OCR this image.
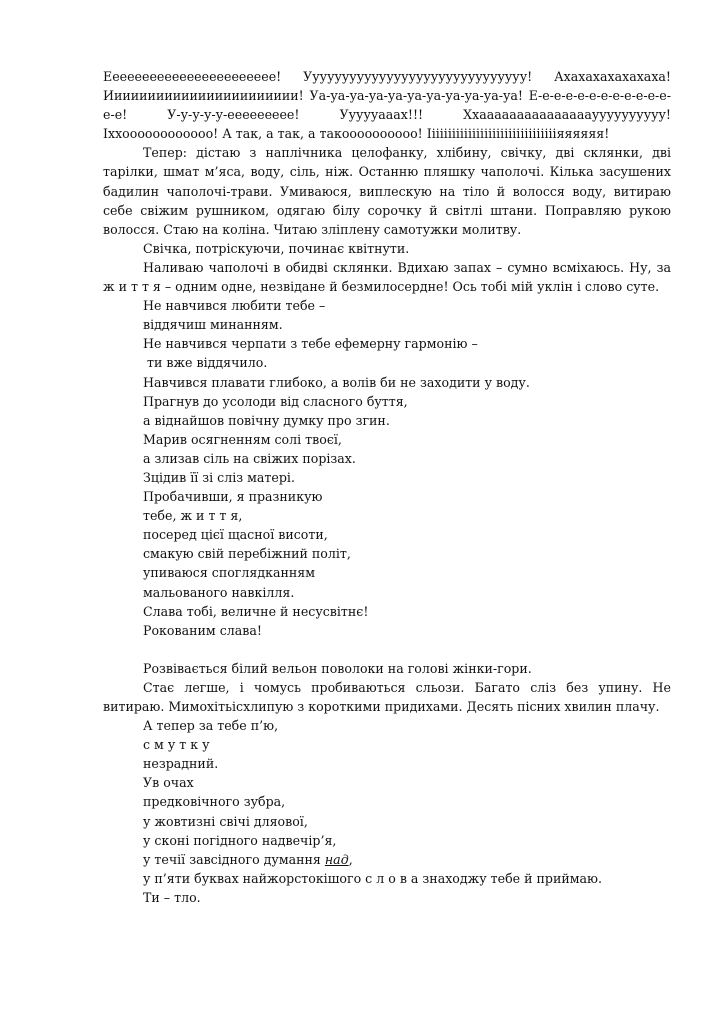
Еееееееееееееееееееееее! Уууууууууууууууууууууууууууууу! Ахахахахахахаха! Иииииииииииииииииииииии! Уа-уа-уа-уа-уа-уа-уа-уа-уа-уа-уа! Е-е-е-е-е-е-е-е-е-е-е-е-е-е! У-у-у-у-у-еееееееее! Уууууааах!!! Ххааааааааааааааауууууууууу! Іххоооооооооооо! А так, а так, а такоооооооооо! Ііііііііііііііііііііііііііііііііяяяяяя!

Тепер: дістаю з наплічника целофанку, хлібину, свічку, дві склянки, дві тарілки, шмат м’яса, воду, сіль, ніж. Останню пляшку чаполочі. Кілька засушених бадилин чаполочі-трави. Умиваюся, виплескую на тіло й волосся воду, витираю себе свіжим рушником, одягаю білу сорочку й світлі штани. Поправляю рукою волосся. Стаю на коліна. Читаю зліплену самотужки молитву.

Свічка, потріскуючи, починає квітнути.

Наливаю чаполочі в обидві склянки. Вдихаю запах – сумно всміхаюсь. Ну, за ж и т т я – одним одне, незвідане й безмилосердне! Ось тобі мій уклін і слово суте.

Не навчився любити тебе –

віддячиш минанням.

Не навчився черпати з тебе ефемерну гармонію –

ти вже віддячило.

Навчився плавати глибоко, а волів би не заходити у воду.

Прагнув до усолоди від сласного буття,

а віднайшов повічну думку про згин.

Марив осягненням солі твоєї,

а злизав сіль на свіжих порізах.

Зцідив її зі сліз матері.

Пробачивши, я празникую

тебе, ж и т т я,

посеред цієї щасної висоти,

смакую свій перебіжний політ,

упиваюся споглядканням

мальованого навкілля.

Слава тобі, величне й несусвітнє!

Рокованим слава!

Розвівається білий вельон поволоки на голові жінки-гори.

Стає легше, і чомусь пробиваються сльози. Багато сліз без упину. Не витираю. Мимохітьісхлипую з короткими придихами. Десять пісних хвилин плачу.

А тепер за тебе п’ю,

с м у т к у

незрадний.

Ув очах

предковічного зубра,

у жовтизні свічі дляової,

у сконі погідного надвечір’я,

у течії завсідного думання над,

у п’яти буквах найжорстокішого с л о в а знаходжу тебе й приймаю.

Ти – тло.
